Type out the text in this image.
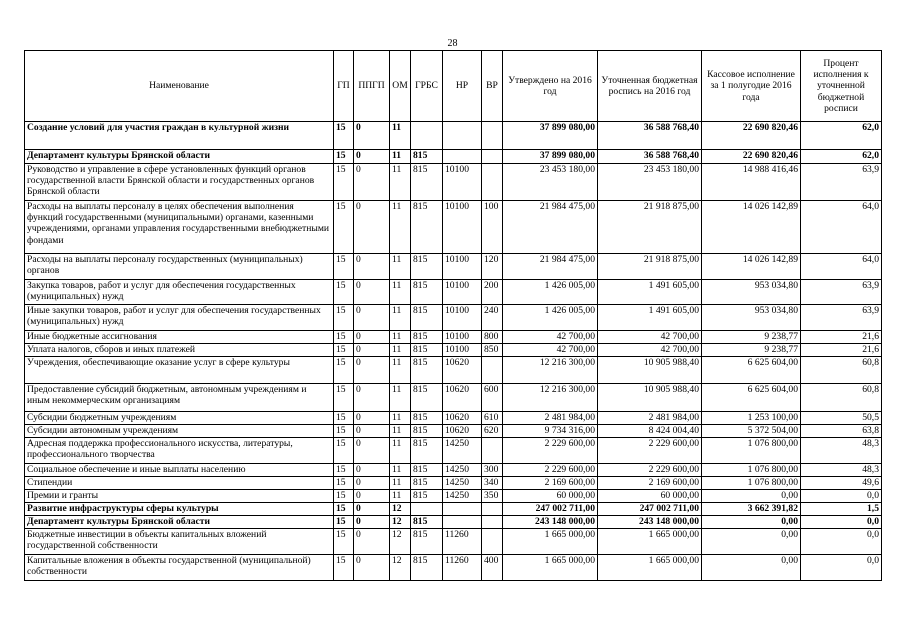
28
Наименование	ГП	ППГП	ОМ	ГРБС	НР	ВР	Утверждено на 2016 год	Уточненная бюджетная роспись на 2016 год	Кассовое исполнение за 1 полугодие 2016 года	Процент исполнения к уточненной бюджетной росписи
Создание условий для участия граждан в культурной жизни	15	0	11				37 899 080,00	36 588 768,40	22 690 820,46	62,0
Департамент культуры Брянской области	15	0	11	815			37 899 080,00	36 588 768,40	22 690 820,46	62,0
Руководство и управление в сфере установленных функций органов государственной власти Брянской области и государственных органов Брянской области	15	0	11	815	10100		23 453 180,00	23 453 180,00	14 988 416,46	63,9
Расходы на выплаты персоналу в целях обеспечения выполнения функций государственными (муниципальными) органами, казенными учреждениями, органами управления государственными внебюджетными фондами	15	0	11	815	10100	100	21 984 475,00	21 918 875,00	14 026 142,89	64,0
Расходы на выплаты персоналу государственных (муниципальных) органов	15	0	11	815	10100	120	21 984 475,00	21 918 875,00	14 026 142,89	64,0
Закупка товаров, работ и услуг для обеспечения государственных (муниципальных) нужд	15	0	11	815	10100	200	1 426 005,00	1 491 605,00	953 034,80	63,9
Иные закупки товаров, работ и услуг для обеспечения государственных (муниципальных) нужд	15	0	11	815	10100	240	1 426 005,00	1 491 605,00	953 034,80	63,9
Иные бюджетные ассигнования	15	0	11	815	10100	800	42 700,00	42 700,00	9 238,77	21,6
Уплата налогов, сборов и иных платежей	15	0	11	815	10100	850	42 700,00	42 700,00	9 238,77	21,6
Учреждения, обеспечивающие оказание услуг в сфере культуры	15	0	11	815	10620		12 216 300,00	10 905 988,40	6 625 604,00	60,8
Предоставление субсидий бюджетным, автономным учреждениям и иным некоммерческим организациям	15	0	11	815	10620	600	12 216 300,00	10 905 988,40	6 625 604,00	60,8
Субсидии бюджетным учреждениям	15	0	11	815	10620	610	2 481 984,00	2 481 984,00	1 253 100,00	50,5
Субсидии автономным учреждениям	15	0	11	815	10620	620	9 734 316,00	8 424 004,40	5 372 504,00	63,8
Адресная поддержка профессионального искусства, литературы, профессионального творчества	15	0	11	815	14250		2 229 600,00	2 229 600,00	1 076 800,00	48,3
Социальное обеспечение и иные выплаты населению	15	0	11	815	14250	300	2 229 600,00	2 229 600,00	1 076 800,00	48,3
Стипендии	15	0	11	815	14250	340	2 169 600,00	2 169 600,00	1 076 800,00	49,6
Премии и гранты	15	0	11	815	14250	350	60 000,00	60 000,00	0,00	0,0
Развитие инфраструктуры сферы культуры	15	0	12				247 002 711,00	247 002 711,00	3 662 391,82	1,5
Департамент культуры Брянской области	15	0	12	815			243 148 000,00	243 148 000,00	0,00	0,0
Бюджетные инвестиции в объекты капитальных вложений государственной собственности	15	0	12	815	11260		1 665 000,00	1 665 000,00	0,00	0,0
Капитальные вложения в объекты государственной (муниципальной) собственности	15	0	12	815	11260	400	1 665 000,00	1 665 000,00	0,00	0,0
